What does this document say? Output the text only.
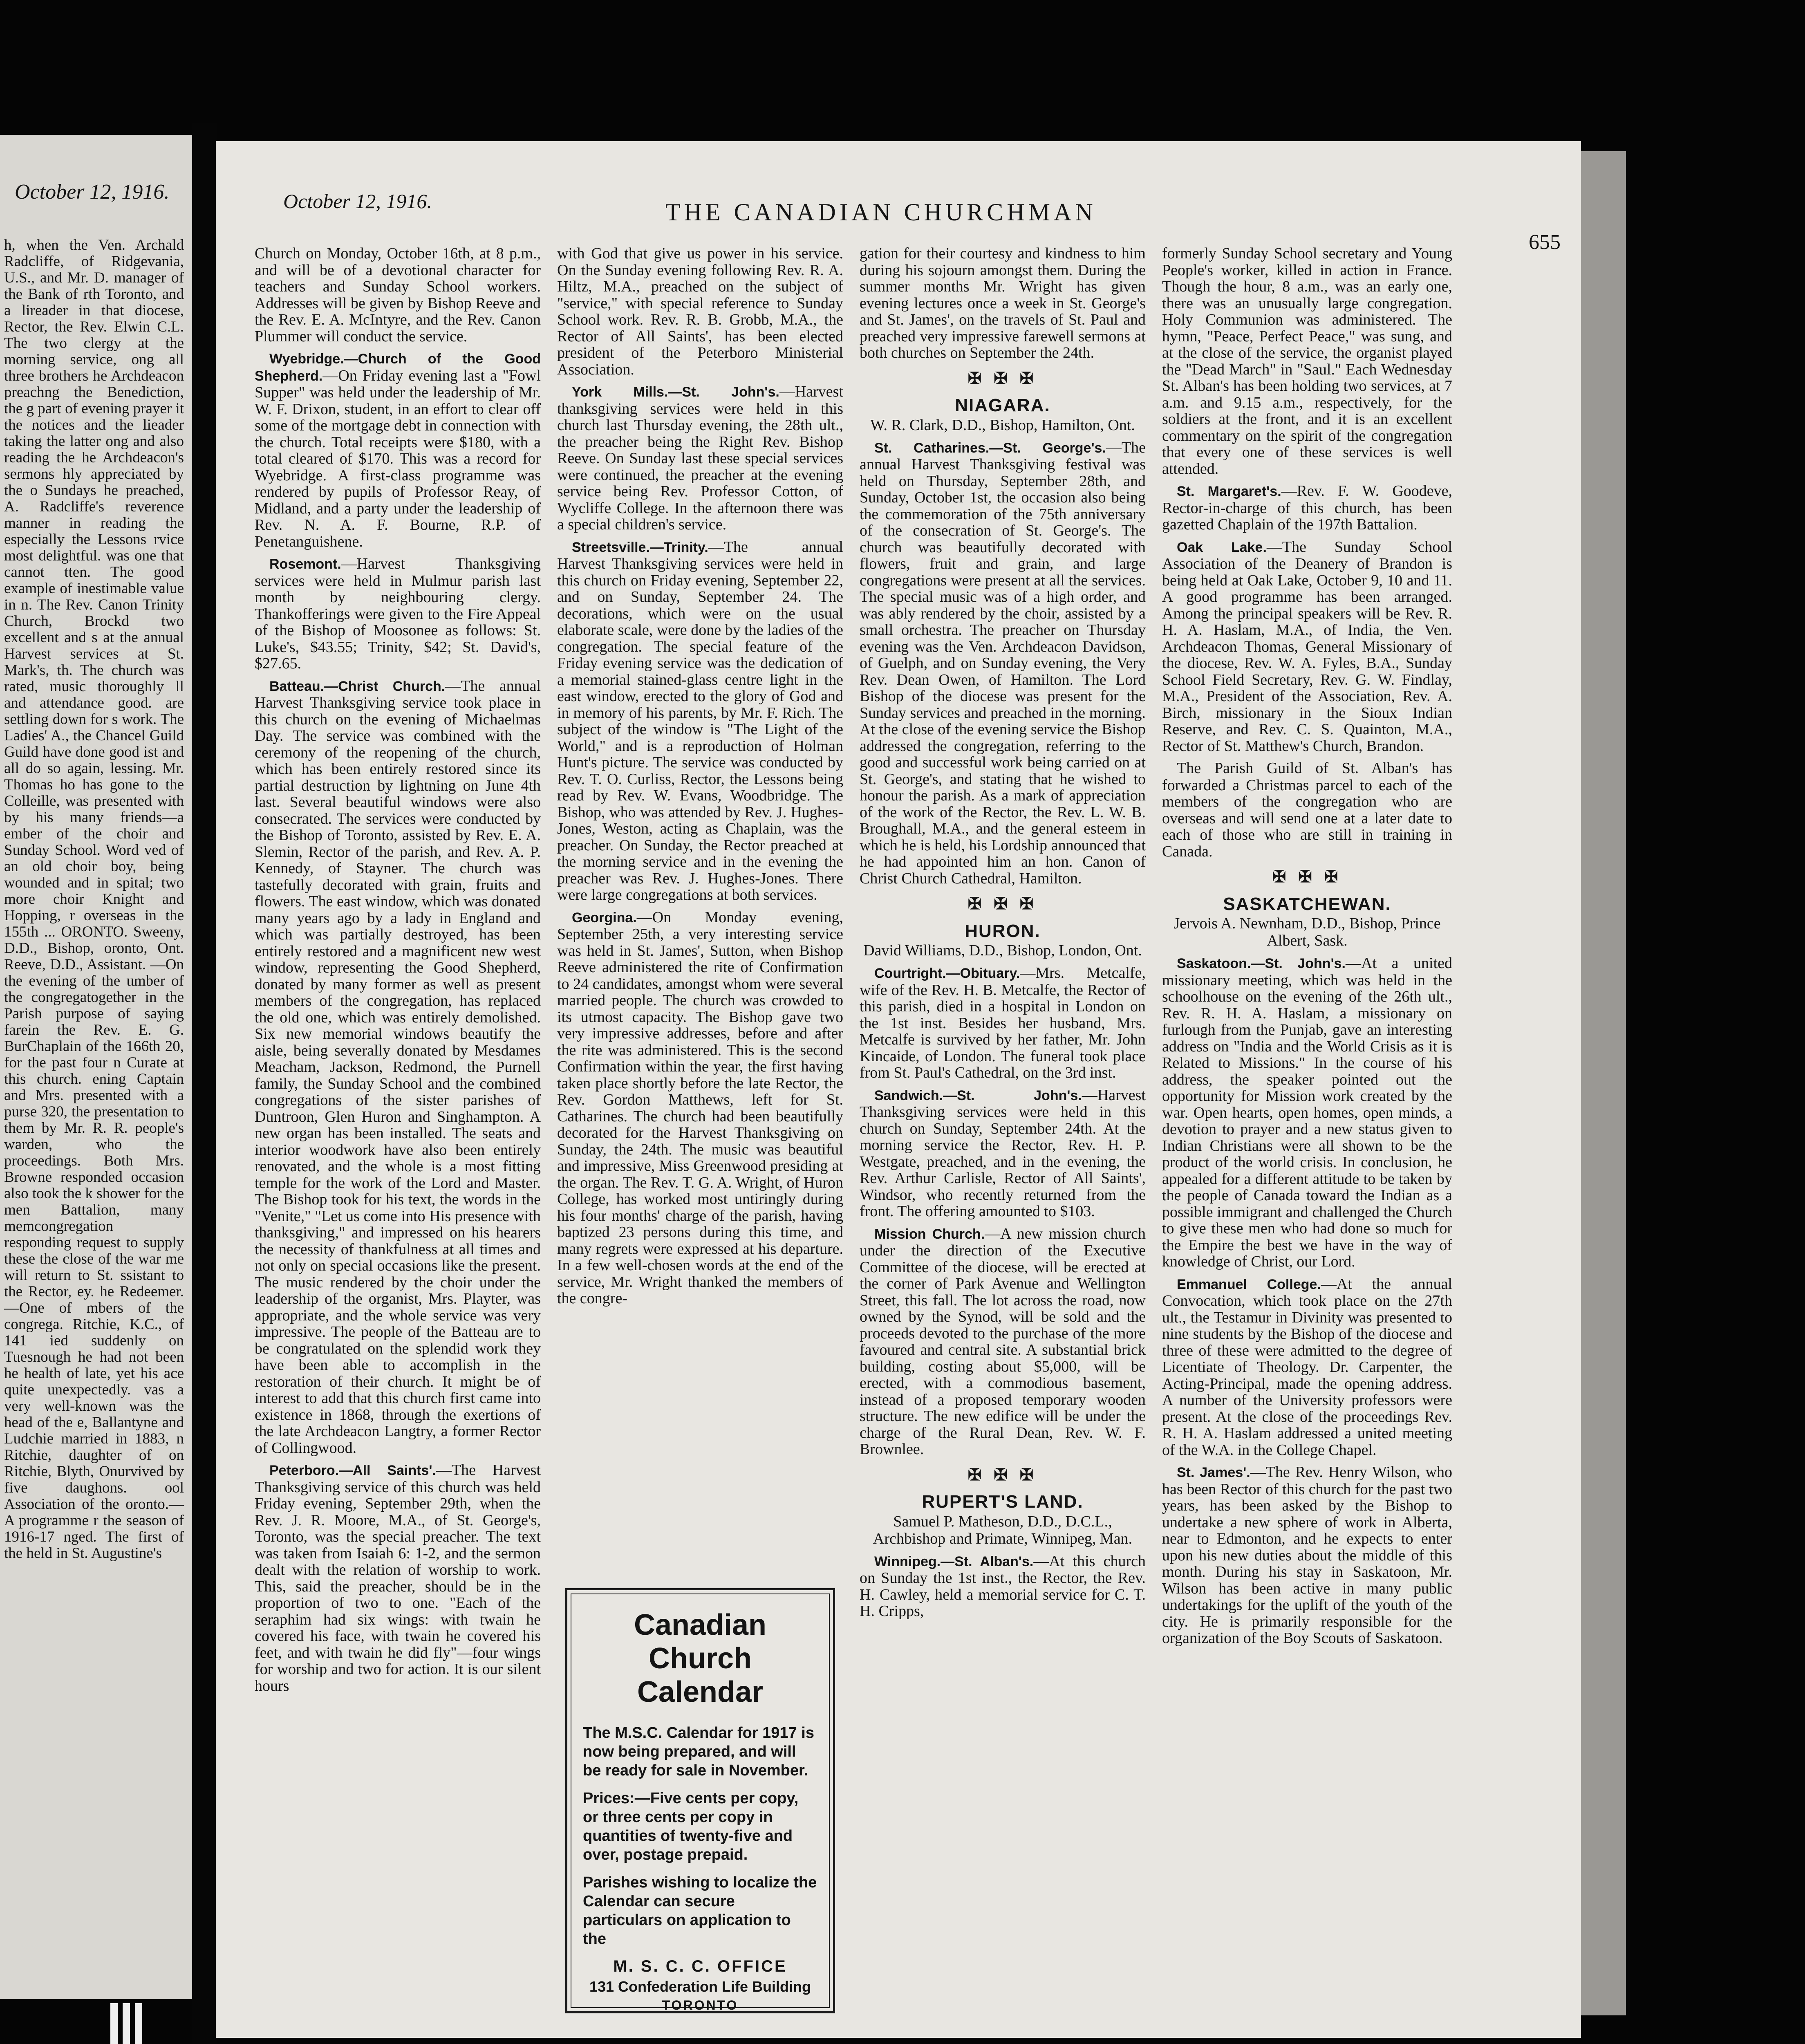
October 12, 1916.
h, when the Ven. Archald Radcliffe, of Ridgevania, U.S., and Mr. D. manager of the Bank of rth Toronto, and a lireader in that diocese, Rector, the Rev. Elwin C.L. The two clergy at the morning service, ong all three brothers he Archdeacon preachng the Benediction, the g part of evening prayer it the notices and the lieader taking the latter ong and also reading the he Archdeacon's sermons hly appreciated by the o Sundays he preached, A. Radcliffe's reverence manner in reading the especially the Lessons rvice most delightful. was one that cannot tten. The good example of inestimable value in n. The Rev. Canon Trinity Church, Brockd two excellent and s at the annual Harvest services at St. Mark's, th. The church was rated, music thoroughly ll and attendance good. are settling down for s work. The Ladies' A., the Chancel Guild Guild have done good ist and all do so again, lessing. Mr. Thomas ho has gone to the Colleille, was presented with by his many friends—a ember of the choir and Sunday School. Word ved of an old choir boy, being wounded and in spital; two more choir Knight and Hopping, r overseas in the 155th ... ORONTO. Sweeny, D.D., Bishop, oronto, Ont. Reeve, D.D., Assistant. —On the evening of the umber of the congregatogether in the Parish purpose of saying farein the Rev. E. G. BurChaplain of the 166th 20, for the past four n Curate at this church. ening Captain and Mrs. presented with a purse 320, the presentation to them by Mr. R. R. people's warden, who the proceedings. Both Mrs. Browne responded occasion also took the k shower for the men Battalion, many memcongregation responding request to supply these the close of the war me will return to St. ssistant to the Rector, ey. he Redeemer.—One of mbers of the congrega. Ritchie, K.C., of 141 ied suddenly on Tuesnough he had not been he health of late, yet his ace quite unexpectedly. vas a very well-known was the head of the e, Ballantyne and Ludchie married in 1883, n Ritchie, daughter of on Ritchie, Blyth, Onurvived by five daughons. ool Association of the oronto.—A programme r the season of 1916-17 nged. The first of the held in St. Augustine's
October 12, 1916.	THE CANADIAN CHURCHMAN
655

Church on Monday, October 16th, at 8 p.m., and will be of a devotional character for teachers and Sunday School workers. Addresses will be given by Bishop Reeve and the Rev. E. A. McIntyre, and the Rev. Canon Plummer will conduct the service.

Wyebridge.—Church of the Good Shepherd.—On Friday evening last a "Fowl Supper" was held under the leadership of Mr. W. F. Drixon, student, in an effort to clear off some of the mortgage debt in connection with the church. Total receipts were $180, with a total cleared of $170. This was a record for Wyebridge. A first-class programme was rendered by pupils of Professor Reay, of Midland, and a party under the leadership of Rev. N. A. F. Bourne, R.P. of Penetanguishene.

Rosemont.—Harvest Thanksgiving services were held in Mulmur parish last month by neighbouring clergy. Thankofferings were given to the Fire Appeal of the Bishop of Moosonee as follows: St. Luke's, $43.55; Trinity, $42; St. David's, $27.65.

Batteau.—Christ Church.—The annual Harvest Thanksgiving service took place in this church on the evening of Michaelmas Day. The service was combined with the ceremony of the reopening of the church, which has been entirely restored since its partial destruction by lightning on June 4th last. Several beautiful windows were also consecrated. The services were conducted by the Bishop of Toronto, assisted by Rev. E. A. Slemin, Rector of the parish, and Rev. A. P. Kennedy, of Stayner. The church was tastefully decorated with grain, fruits and flowers. The east window, which was donated many years ago by a lady in England and which was partially destroyed, has been entirely restored and a magnificent new west window, representing the Good Shepherd, donated by many former as well as present members of the congregation, has replaced the old one, which was entirely demolished. Six new memorial windows beautify the aisle, being severally donated by Mesdames Meacham, Jackson, Redmond, the Purnell family, the Sunday School and the combined congregations of the sister parishes of Duntroon, Glen Huron and Singhampton. A new organ has been installed. The seats and interior woodwork have also been entirely renovated, and the whole is a most fitting temple for the work of the Lord and Master. The Bishop took for his text, the words in the "Venite," "Let us come into His presence with thanksgiving," and impressed on his hearers the necessity of thankfulness at all times and not only on special occasions like the present. The music rendered by the choir under the leadership of the organist, Mrs. Playter, was appropriate, and the whole service was very impressive. The people of the Batteau are to be congratulated on the splendid work they have been able to accomplish in the restoration of their church. It might be of interest to add that this church first came into existence in 1868, through the exertions of the late Archdeacon Langtry, a former Rector of Collingwood.

Peterboro.—All Saints'.—The Harvest Thanksgiving service of this church was held Friday evening, September 29th, when the Rev. J. R. Moore, M.A., of St. George's, Toronto, was the special preacher. The text was taken from Isaiah 6: 1-2, and the sermon dealt with the relation of worship to work. This, said the preacher, should be in the proportion of two to one. "Each of the seraphim had six wings: with twain he covered his face, with twain he covered his feet, and with twain he did fly"—four wings for worship and two for action. It is our silent hours

with God that give us power in his service. On the Sunday evening following Rev. R. A. Hiltz, M.A., preached on the subject of "service," with special reference to Sunday School work. Rev. R. B. Grobb, M.A., the Rector of All Saints', has been elected president of the Peterboro Ministerial Association.

York Mills.—St. John's.—Harvest thanksgiving services were held in this church last Thursday evening, the 28th ult., the preacher being the Right Rev. Bishop Reeve. On Sunday last these special services were continued, the preacher at the evening service being Rev. Professor Cotton, of Wycliffe College. In the afternoon there was a special children's service.

Streetsville.—Trinity.—The annual Harvest Thanksgiving services were held in this church on Friday evening, September 22, and on Sunday, September 24. The decorations, which were on the usual elaborate scale, were done by the ladies of the congregation. The special feature of the Friday evening service was the dedication of a memorial stained-glass centre light in the east window, erected to the glory of God and in memory of his parents, by Mr. F. Rich. The subject of the window is "The Light of the World," and is a reproduction of Holman Hunt's picture. The service was conducted by Rev. T. O. Curliss, Rector, the Lessons being read by Rev. W. Evans, Woodbridge. The Bishop, who was attended by Rev. J. Hughes-Jones, Weston, acting as Chaplain, was the preacher. On Sunday, the Rector preached at the morning service and in the evening the preacher was Rev. J. Hughes-Jones. There were large congregations at both services.

Georgina.—On Monday evening, September 25th, a very interesting service was held in St. James', Sutton, when Bishop Reeve administered the rite of Confirmation to 24 candidates, amongst whom were several married people. The church was crowded to its utmost capacity. The Bishop gave two very impressive addresses, before and after the rite was administered. This is the second Confirmation within the year, the first having taken place shortly before the late Rector, the Rev. Gordon Matthews, left for St. Catharines. The church had been beautifully decorated for the Harvest Thanksgiving on Sunday, the 24th. The music was beautiful and impressive, Miss Greenwood presiding at the organ. The Rev. T. G. A. Wright, of Huron College, has worked most untiringly during his four months' charge of the parish, having baptized 23 persons during this time, and many regrets were expressed at his departure. In a few well-chosen words at the end of the service, Mr. Wright thanked the members of the congre-

Canadian Church Calendar

The M.S.C. Calendar for 1917 is now being prepared, and will be ready for sale in November.

Prices:—Five cents per copy, or three cents per copy in quantities of twenty-five and over, postage prepaid.

Parishes wishing to localize the Calendar can secure particulars on application to the

M. S. C. C. OFFICE
131 Confederation Life Building
TORONTO

gation for their courtesy and kindness to him during his sojourn amongst them. During the summer months Mr. Wright has given evening lectures once a week in St. George's and St. James', on the travels of St. Paul and preached very impressive farewell sermons at both churches on September the 24th.

✠ ✠ ✠
NIAGARA.
W. R. Clark, D.D., Bishop, Hamilton, Ont.

St. Catharines.—St. George's.—The annual Harvest Thanksgiving festival was held on Thursday, September 28th, and Sunday, October 1st, the occasion also being the commemoration of the 75th anniversary of the consecration of St. George's. The church was beautifully decorated with flowers, fruit and grain, and large congregations were present at all the services. The special music was of a high order, and was ably rendered by the choir, assisted by a small orchestra. The preacher on Thursday evening was the Ven. Archdeacon Davidson, of Guelph, and on Sunday evening, the Very Rev. Dean Owen, of Hamilton. The Lord Bishop of the diocese was present for the Sunday services and preached in the morning. At the close of the evening service the Bishop addressed the congregation, referring to the good and successful work being carried on at St. George's, and stating that he wished to honour the parish. As a mark of appreciation of the work of the Rector, the Rev. L. W. B. Broughall, M.A., and the general esteem in which he is held, his Lordship announced that he had appointed him an hon. Canon of Christ Church Cathedral, Hamilton.

✠ ✠ ✠
HURON.
David Williams, D.D., Bishop, London, Ont.

Courtright.—Obituary.—Mrs. Metcalfe, wife of the Rev. H. B. Metcalfe, the Rector of this parish, died in a hospital in London on the 1st inst. Besides her husband, Mrs. Metcalfe is survived by her father, Mr. John Kincaide, of London. The funeral took place from St. Paul's Cathedral, on the 3rd inst.

Sandwich.—St. John's.—Harvest Thanksgiving services were held in this church on Sunday, September 24th. At the morning service the Rector, Rev. H. P. Westgate, preached, and in the evening, the Rev. Arthur Carlisle, Rector of All Saints', Windsor, who recently returned from the front. The offering amounted to $103.

Mission Church.—A new mission church under the direction of the Executive Committee of the diocese, will be erected at the corner of Park Avenue and Wellington Street, this fall. The lot across the road, now owned by the Synod, will be sold and the proceeds devoted to the purchase of the more favoured and central site. A substantial brick building, costing about $5,000, will be erected, with a commodious basement, instead of a proposed temporary wooden structure. The new edifice will be under the charge of the Rural Dean, Rev. W. F. Brownlee.

✠ ✠ ✠
RUPERT'S LAND.
Samuel P. Matheson, D.D., D.C.L., Archbishop and Primate, Winnipeg, Man.

Winnipeg.—St. Alban's.—At this church on Sunday the 1st inst., the Rector, the Rev. H. Cawley, held a memorial service for C. T. H. Cripps,

formerly Sunday School secretary and Young People's worker, killed in action in France. Though the hour, 8 a.m., was an early one, there was an unusually large congregation. Holy Communion was administered. The hymn, "Peace, Perfect Peace," was sung, and at the close of the service, the organist played the "Dead March" in "Saul." Each Wednesday St. Alban's has been holding two services, at 7 a.m. and 9.15 a.m., respectively, for the soldiers at the front, and it is an excellent commentary on the spirit of the congregation that every one of these services is well attended.

St. Margaret's.—Rev. F. W. Goodeve, Rector-in-charge of this church, has been gazetted Chaplain of the 197th Battalion.

Oak Lake.—The Sunday School Association of the Deanery of Brandon is being held at Oak Lake, October 9, 10 and 11. A good programme has been arranged. Among the principal speakers will be Rev. R. H. A. Haslam, M.A., of India, the Ven. Archdeacon Thomas, General Missionary of the diocese, Rev. W. A. Fyles, B.A., Sunday School Field Secretary, Rev. G. W. Findlay, M.A., President of the Association, Rev. A. Birch, missionary in the Sioux Indian Reserve, and Rev. C. S. Quainton, M.A., Rector of St. Matthew's Church, Brandon.

The Parish Guild of St. Alban's has forwarded a Christmas parcel to each of the members of the congregation who are overseas and will send one at a later date to each of those who are still in training in Canada.

✠ ✠ ✠
SASKATCHEWAN.
Jervois A. Newnham, D.D., Bishop, Prince Albert, Sask.

Saskatoon.—St. John's.—At a united missionary meeting, which was held in the schoolhouse on the evening of the 26th ult., Rev. R. H. A. Haslam, a missionary on furlough from the Punjab, gave an interesting address on "India and the World Crisis as it is Related to Missions." In the course of his address, the speaker pointed out the opportunity for Mission work created by the war. Open hearts, open homes, open minds, a devotion to prayer and a new status given to Indian Christians were all shown to be the product of the world crisis. In conclusion, he appealed for a different attitude to be taken by the people of Canada toward the Indian as a possible immigrant and challenged the Church to give these men who had done so much for the Empire the best we have in the way of knowledge of Christ, our Lord.

Emmanuel College.—At the annual Convocation, which took place on the 27th ult., the Testamur in Divinity was presented to nine students by the Bishop of the diocese and three of these were admitted to the degree of Licentiate of Theology. Dr. Carpenter, the Acting-Principal, made the opening address. A number of the University professors were present. At the close of the proceedings Rev. R. H. A. Haslam addressed a united meeting of the W.A. in the College Chapel.

St. James'.—The Rev. Henry Wilson, who has been Rector of this church for the past two years, has been asked by the Bishop to undertake a new sphere of work in Alberta, near to Edmonton, and he expects to enter upon his new duties about the middle of this month. During his stay in Saskatoon, Mr. Wilson has been active in many public undertakings for the uplift of the youth of the city. He is primarily responsible for the organization of the Boy Scouts of Saskatoon.
